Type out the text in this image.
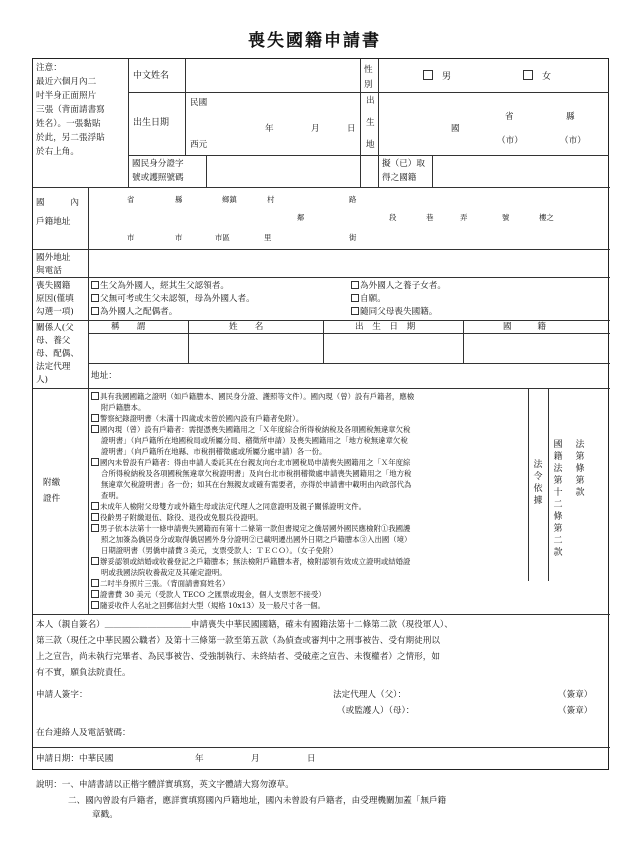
喪失國籍申請書
注意：
最近六個月內二
吋半身正面照片
三張（背面請書寫
姓名）。一張黏貼
於此，另二張浮貼
於右上角。
中文姓名
性
別
　男
　	女
出生日期
民國
西元
年	月	日
出
生
地
國
省	縣
（市）	（市）
國民身分證字
號或護照號碼
擬（已）取
得之國籍
國　　　內
戶籍地址
省	縣	鄉鎮	村	路
鄰	段	巷	弄	號	樓之
市	市	市區	里	街
國外地址
與電話
喪失國籍
原因(僅填
勾選一項)
生父為外國人，經其生父認領者。	為外國人之養子女者。
父無可考或生父未認領，母為外國人者。	自願。
為外國人之配偶者。	隨同父母喪失國籍。
關係人(父
母、養父
母、配偶、
法定代理
人)
稱　　謂	姓　　名	出　生　日　期	國　　　籍
地址：
附繳
證件
法令依據
國籍法第十二條第二款
法第條第款
具有我國國籍之證明（如戶籍謄本、國民身分證、護照等文件）。國內現（曾）設有戶籍者，應檢
附戶籍謄本。
警察紀錄證明書（未滿十四歲或未曾於國內設有戶籍者免附）。
國內現（曾）設有戶籍者：需提憑喪失國籍用之「Ｘ年度綜合所得稅納稅及各項國稅無違章欠稅
證明書」（向戶籍所在地國稅局或所屬分局、稽徵所申請）及喪失國籍用之「地方稅無違章欠稅
證明書」（向戶籍所在地縣、市稅捐稽徵處或所屬分處申請）各一份。
國內未曾設有戶籍者：得由申請人委託其在台親友向台北市國稅局申請喪失國籍用之「Ｘ年度綜
合所得稅納稅及各項國稅無違章欠稅證明書」及向台北市稅捐稽徵處申請喪失國籍用之「地方稅
無違章欠稅證明書」各一份；如其在台無親友或確有需要者，亦得於申請書中載明由內政部代為
查明。
未成年人檢附父母雙方或外籍生母或法定代理人之同意證明及親子關係證明文件。
役齡男子附繳退伍、除役、退役或免服兵役證明。
男子依本法第十一條申請喪失國籍而有第十二條第一款但書規定之僑居國外國民應檢附①我國護
照之加簽為僑居身分或取得僑居國外身分證明②已載明遷出國外日期之戶籍謄本③入出國（境）
日期證明書（男僑申請費３美元，支票受款人：ＴＥＣＯ）。（女子免附）
辦妥認領或結婚或收養登記之戶籍謄本；無法檢附戶籍謄本者，檢附認領有效成立證明或結婚證
明或我國法院收養裁定及其確定證明。
二吋半身照片三張。（背面請書寫姓名）
證書費 30 美元（受款人 TECO 之匯票或現金，個人支票恕不接受）
隨妥收件人名址之回郵信封大型（規格 10x13）及一般尺寸各一個。
本人（親自簽名）＿＿＿＿＿＿＿＿＿＿申請喪失中華民國國籍，確未有國籍法第十二條第二款（現役軍人）、
第三款（現任之中華民國公職者）及第十三條第一款至第五款（為偵查或審判中之刑事被告、受有期徒刑以
上之宣告，尚未執行完畢者、為民事被告、受強制執行、未終結者、受破產之宣告、未復權者）之情形，如
有不實，願負法院責任。
申請人簽字：	法定代理人（父）：	（簽章）
（或監護人）（母）：	（簽章）
在台連絡人及電話號碼：
申請日期：中華民國	年	月	日
說明：一、申請書請以正楷字體詳實填寫，英文字體請大寫勿潦草。
二、國內曾設有戶籍者，應詳實填寫國內戶籍地址，國內未曾設有戶籍者，由受理機關加蓋「無戶籍
章戳。
